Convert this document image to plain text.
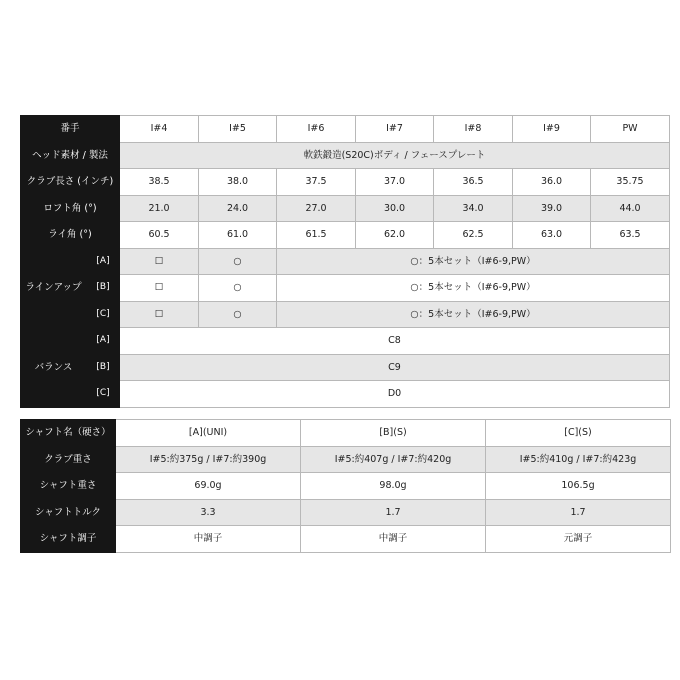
番手		I#4	I#5	I#6	I#7	I#8	I#9	PW
ヘッド素材 / 製法		軟鉄鍛造(S20C)ボディ / フェースプレート						
クラブ長さ (インチ)		38.5	38.0	37.5	37.0	36.5	36.0	35.75
ロフト角 (°)		21.0	24.0	27.0	30.0	34.0	39.0	44.0
ライ角 (°)		60.5	61.0	61.5	62.0	62.5	63.0	63.5
ラインアップ	[A]	☐	○	○：5本セット（I#6-9,PW）				
	[B]	☐	○	○：5本セット（I#6-9,PW）				
	[C]	☐	○	○：5本セット（I#6-9,PW）				
バランス	[A]	C8						
	[B]	C9						
	[C]	D0						
シャフト名（硬さ）	[A](UNI)	[B](S)	[C](S)
クラブ重さ	I#5:約375g / I#7:約390g	I#5:約407g / I#7:約420g	I#5:約410g / I#7:約423g
シャフト重さ	69.0g	98.0g	106.5g
シャフトトルク	3.3	1.7	1.7
シャフト調子	中調子	中調子	元調子
